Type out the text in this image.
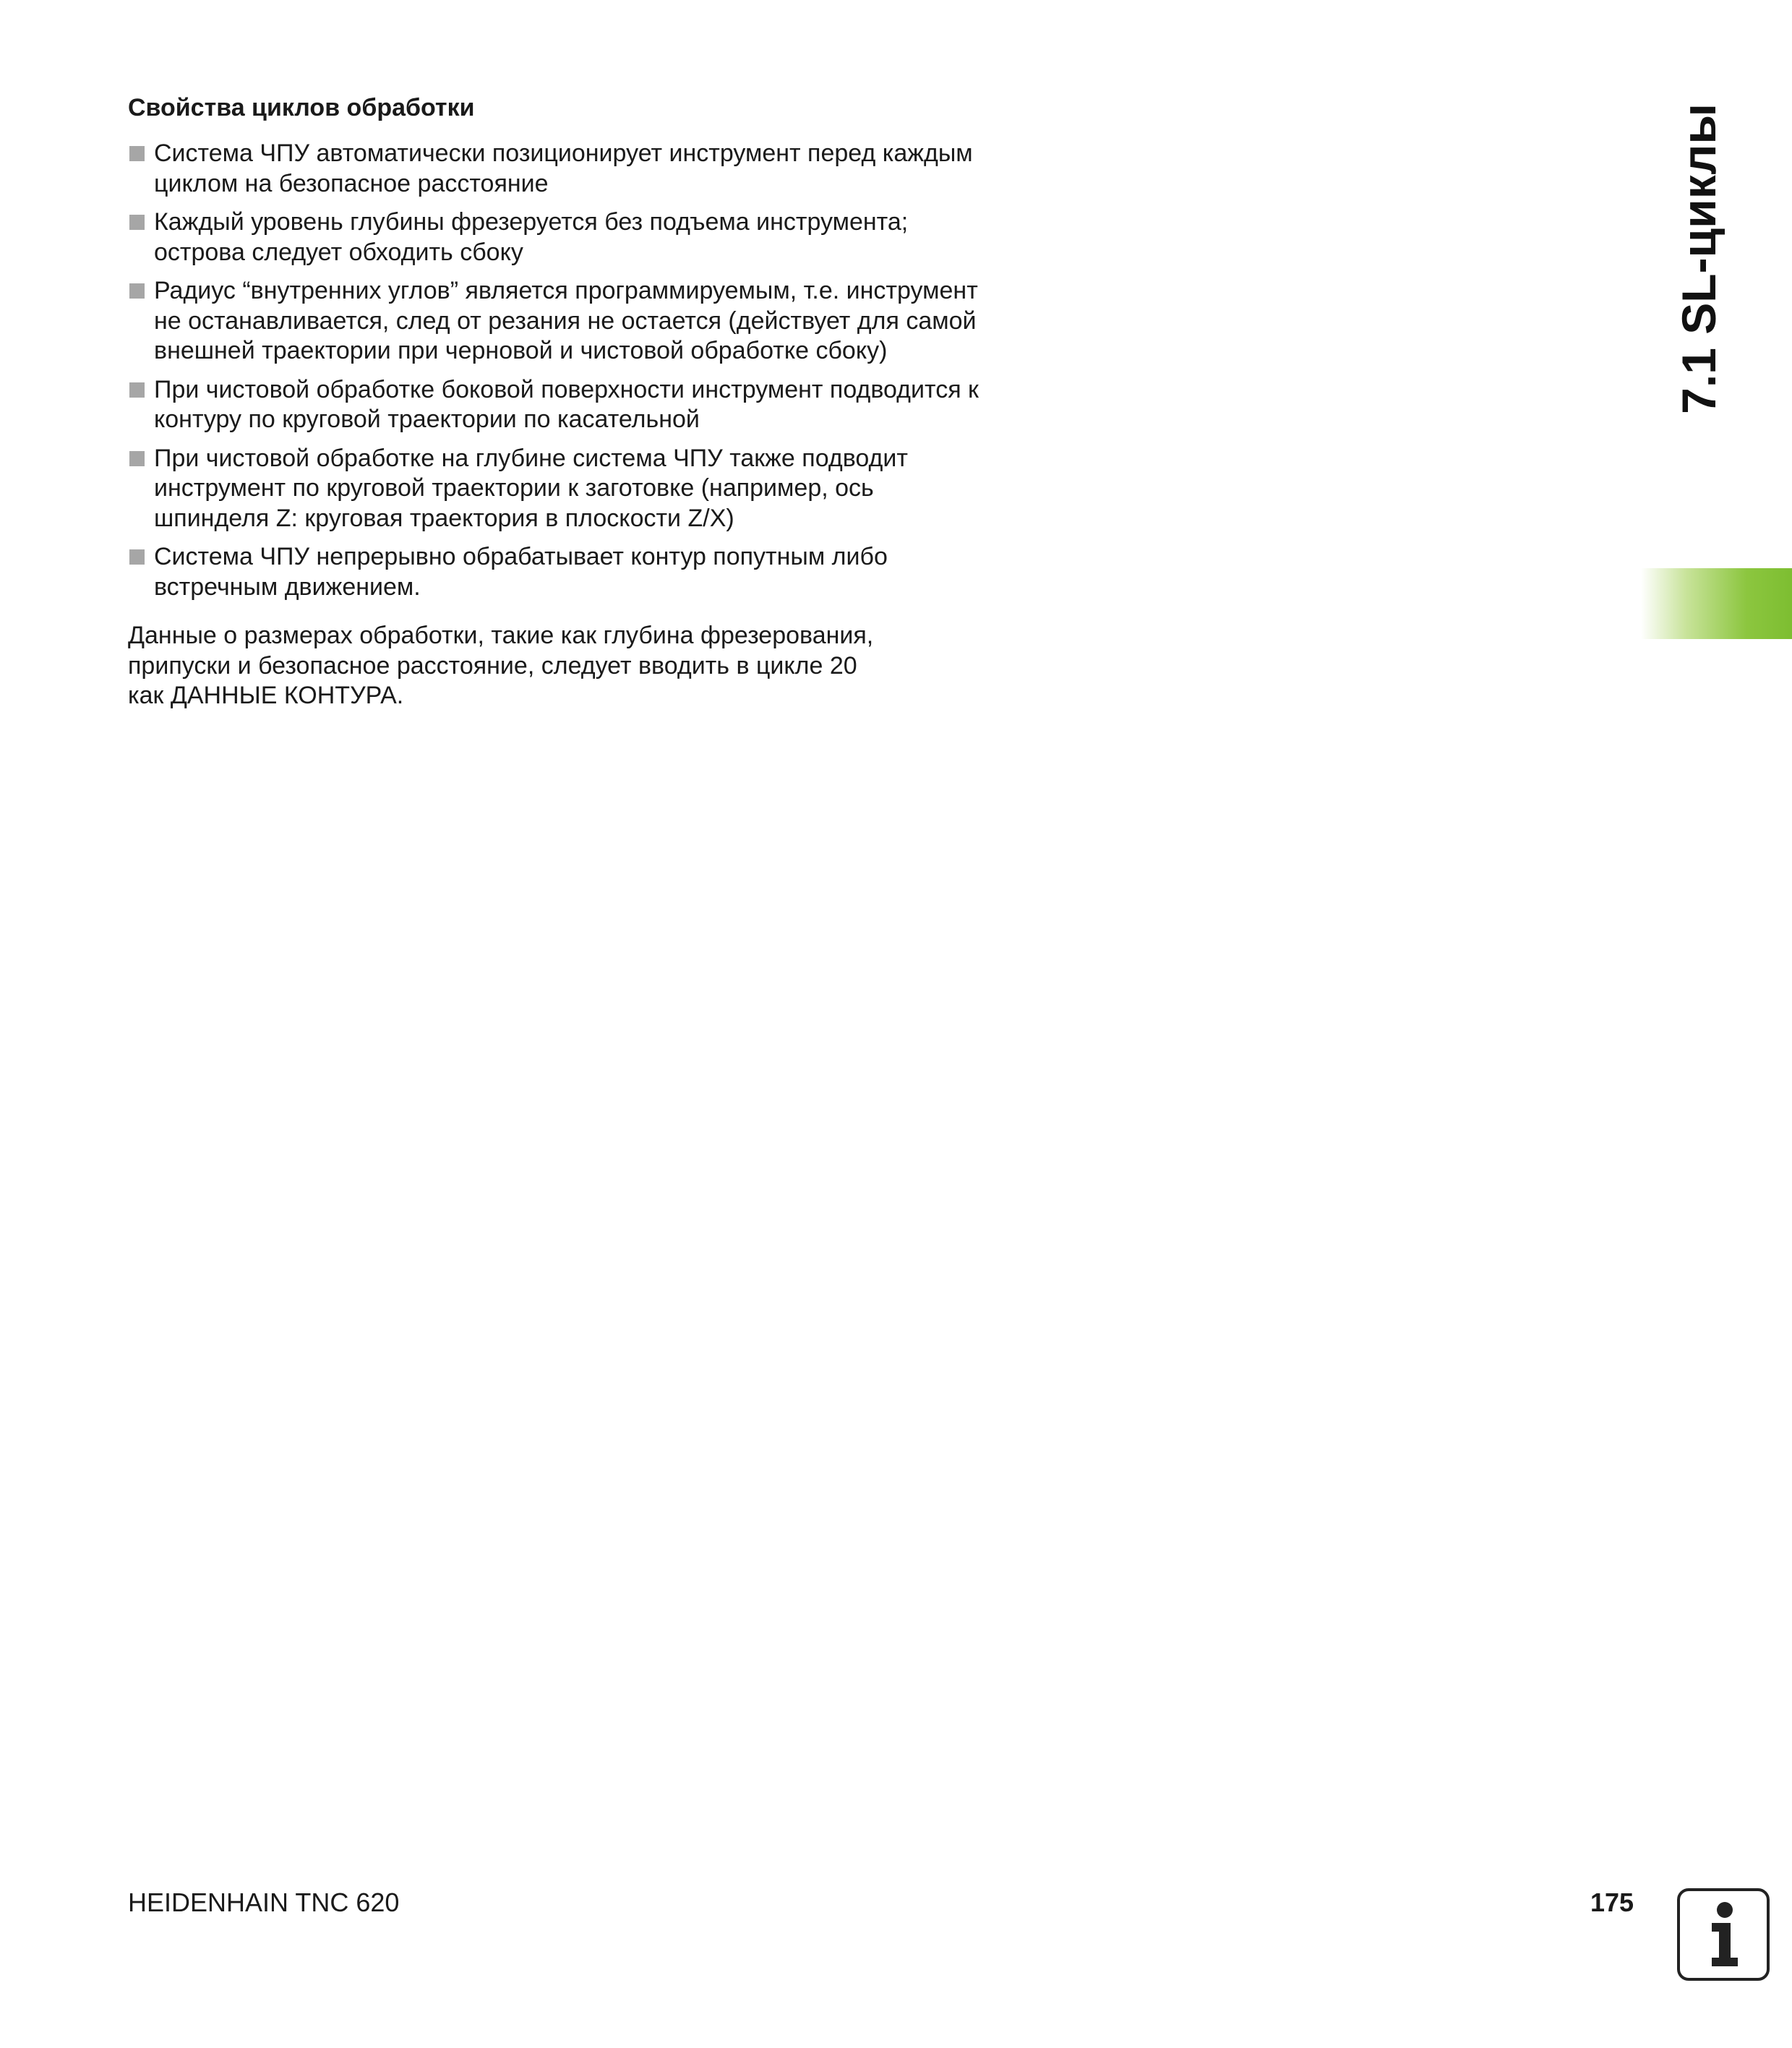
Свойства циклов обработки
Система ЧПУ автоматически позиционирует инструмент перед каждым циклом на безопасное расстояние
Каждый уровень глубины фрезеруется без подъема инструмента; острова следует обходить сбоку
Радиус “внутренних углов” является программируемым, т.е. инструмент не останавливается, след от резания не остается (действует для самой внешней траектории при черновой и чистовой обработке сбоку)
При чистовой обработке боковой поверхности инструмент подводится к контуру по круговой траектории по касательной
При чистовой обработке на глубине система ЧПУ также подводит инструмент по круговой траектории к заготовке (например, ось шпинделя Z: круговая траектория в плоскости Z/X)
Система ЧПУ непрерывно обрабатывает контур попутным либо встречным движением.

Данные о размерах обработки, такие как глубина фрезерования,
припуски и безопасное расстояние, следует вводить в цикле 20
как ДАННЫЕ КОНТУРА.

7.1 SL-циклы
HEIDENHAIN TNC 620	175
